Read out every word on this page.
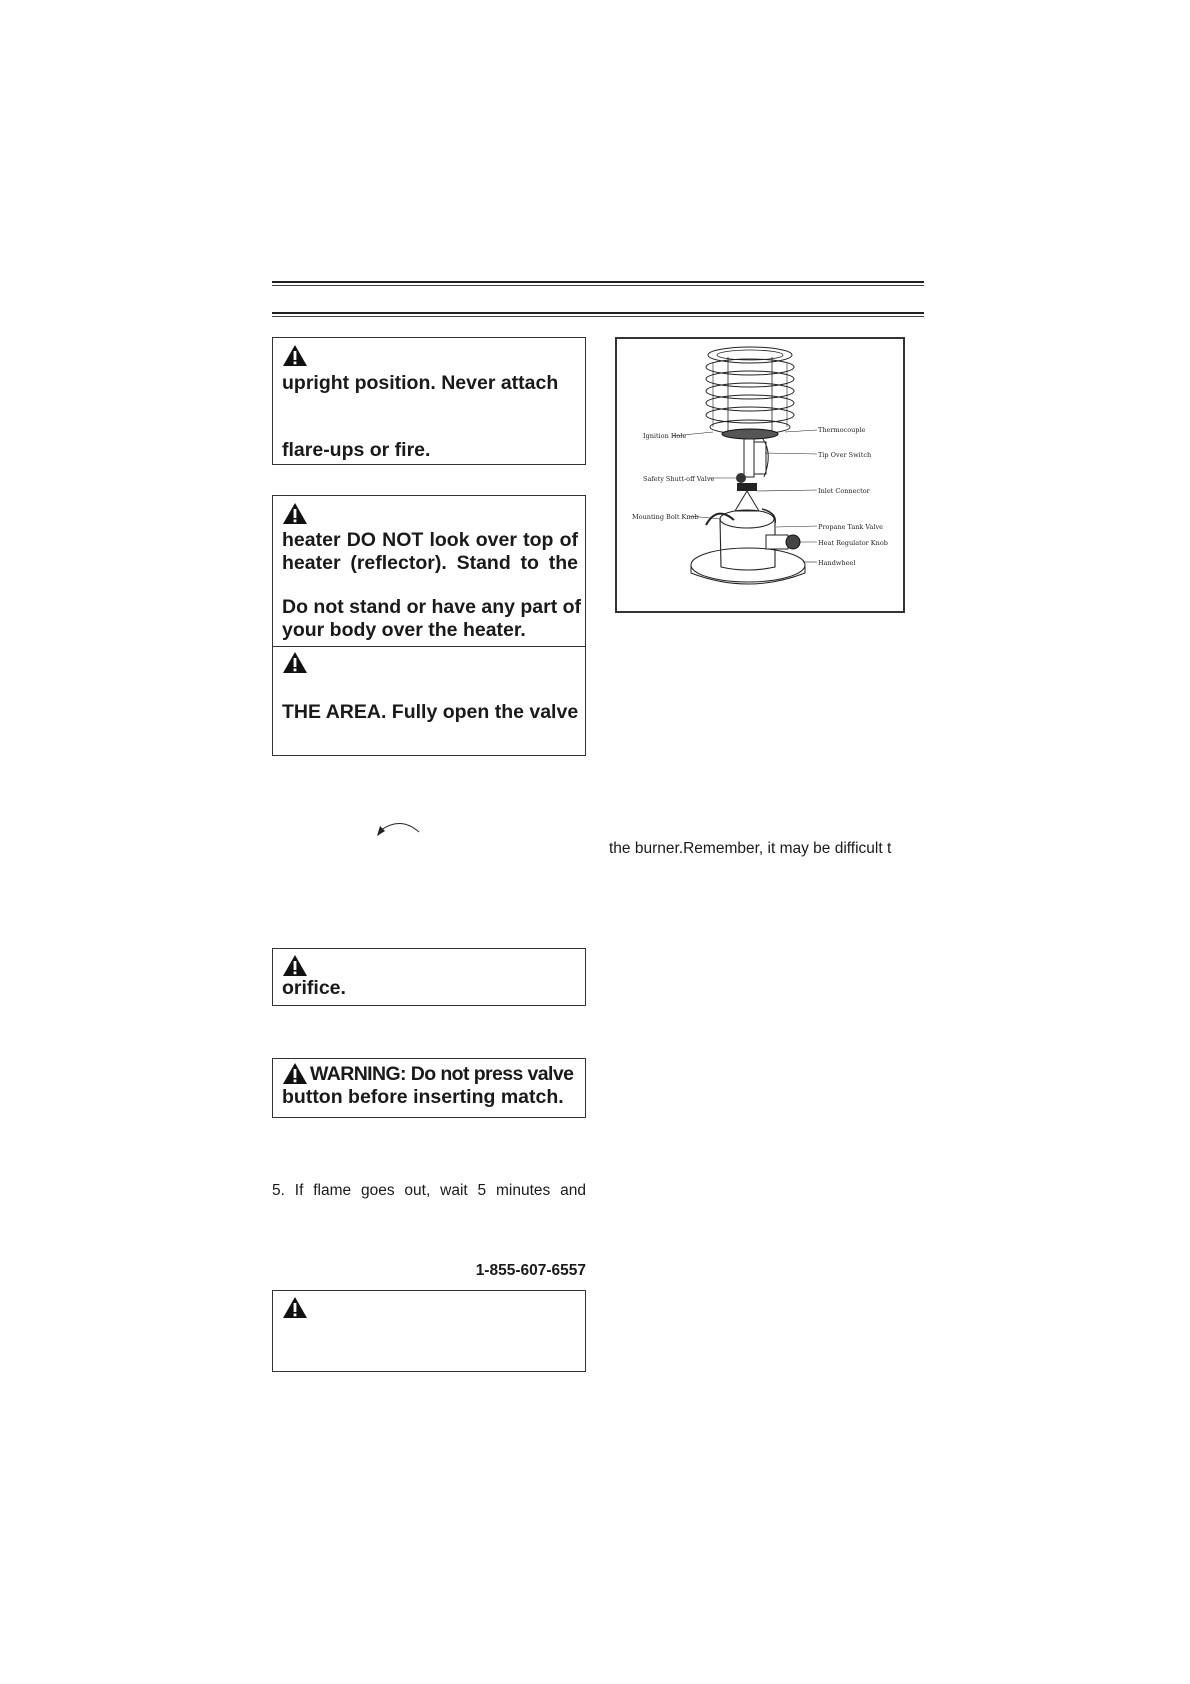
upright position. Never attach
flare-ups or fire.
heater DO NOT look over top of
heater (reflector). Stand to the
Do not stand or have any part of
your body over the heater.
THE AREA. Fully open the valve
the burner.Remember, it may be difficult t
orifice.
WARNING: Do not press valve
button before inserting match.
5. If flame goes out, wait 5 minutes and
1-855-607-6557
Ignition Hole
Thermocouple
Tip Over Switch
Safety Shutt-off Valve
Inlet Connector
Mounting Bolt Knob
Propane Tank Valve
Heat Regulator Knob
Handwheel
